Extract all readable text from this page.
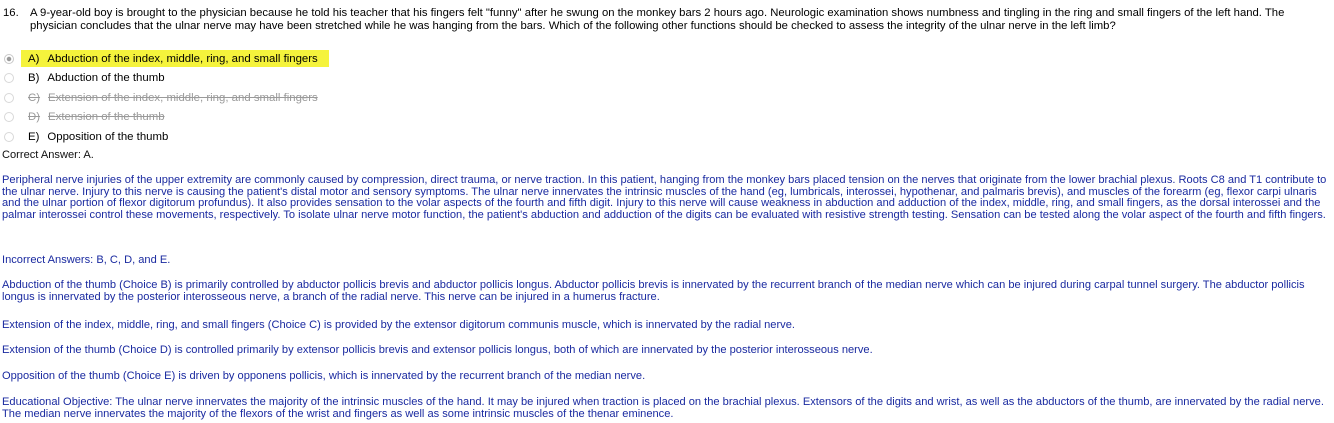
16. A 9-year-old boy is brought to the physician because he told his teacher that his fingers felt "funny" after he swung on the monkey bars 2 hours ago. Neurologic examination shows numbness and tingling in the ring and small fingers of the left hand. The physician concludes that the ulnar nerve may have been stretched while he was hanging from the bars. Which of the following other functions should be checked to assess the integrity of the ulnar nerve in the left limb?
A) Abduction of the index, middle, ring, and small fingers
B) Abduction of the thumb
C) Extension of the index, middle, ring, and small fingers
D) Extension of the thumb
E) Opposition of the thumb
Correct Answer: A.
Peripheral nerve injuries of the upper extremity are commonly caused by compression, direct trauma, or nerve traction. In this patient, hanging from the monkey bars placed tension on the nerves that originate from the lower brachial plexus. Roots C8 and T1 contribute to the ulnar nerve. Injury to this nerve is causing the patient's distal motor and sensory symptoms. The ulnar nerve innervates the intrinsic muscles of the hand (eg, lumbricals, interossei, hypothenar, and palmaris brevis), and muscles of the forearm (eg, flexor carpi ulnaris and the ulnar portion of flexor digitorum profundus). It also provides sensation to the volar aspects of the fourth and fifth digit. Injury to this nerve will cause weakness in abduction and adduction of the index, middle, ring, and small fingers, as the dorsal interossei and the palmar interossei control these movements, respectively. To isolate ulnar nerve motor function, the patient's abduction and adduction of the digits can be evaluated with resistive strength testing. Sensation can be tested along the volar aspect of the fourth and fifth fingers.
Incorrect Answers: B, C, D, and E.
Abduction of the thumb (Choice B) is primarily controlled by abductor pollicis brevis and abductor pollicis longus. Abductor pollicis brevis is innervated by the recurrent branch of the median nerve which can be injured during carpal tunnel surgery. The abductor pollicis longus is innervated by the posterior interosseous nerve, a branch of the radial nerve. This nerve can be injured in a humerus fracture.
Extension of the index, middle, ring, and small fingers (Choice C) is provided by the extensor digitorum communis muscle, which is innervated by the radial nerve.
Extension of the thumb (Choice D) is controlled primarily by extensor pollicis brevis and extensor pollicis longus, both of which are innervated by the posterior interosseous nerve.
Opposition of the thumb (Choice E) is driven by opponens pollicis, which is innervated by the recurrent branch of the median nerve.
Educational Objective: The ulnar nerve innervates the majority of the intrinsic muscles of the hand. It may be injured when traction is placed on the brachial plexus. Extensors of the digits and wrist, as well as the abductors of the thumb, are innervated by the radial nerve. The median nerve innervates the majority of the flexors of the wrist and fingers as well as some intrinsic muscles of the thenar eminence.
